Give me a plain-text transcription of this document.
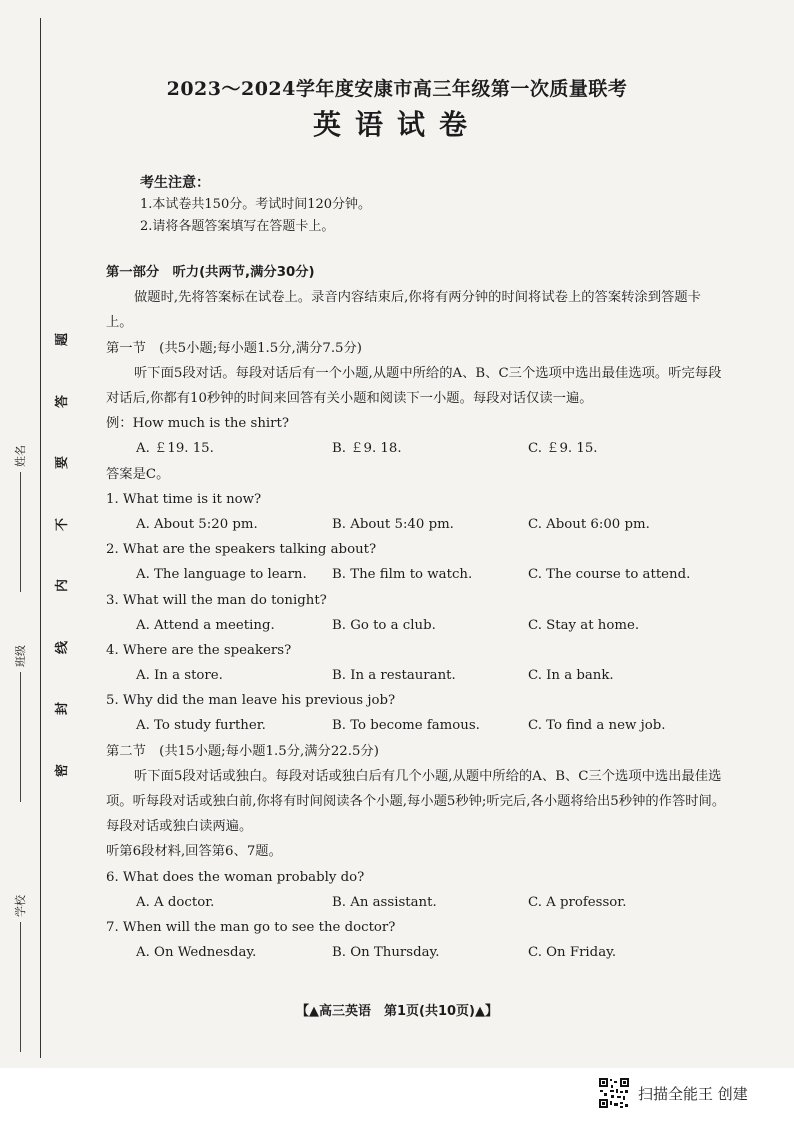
姓名
班级
学校
题
答
要
不
内
线
封
密
2023～2024学年度安康市高三年级第一次质量联考
英语试卷
考生注意：
1.本试卷共150分。考试时间120分钟。
2.请将各题答案填写在答题卡上。
第一部分　听力(共两节,满分30分)
做题时,先将答案标在试卷上。录音内容结束后,你将有两分钟的时间将试卷上的答案转涂到答题卡上。
第一节　(共5小题;每小题1.5分,满分7.5分)
听下面5段对话。每段对话后有一个小题,从题中所给的A、B、C三个选项中选出最佳选项。听完每段对话后,你都有10秒钟的时间来回答有关小题和阅读下一小题。每段对话仅读一遍。
例：How much is the shirt?
A. ￡19. 15.	B. ￡9. 18.	C. ￡9. 15.
答案是C。
1. What time is it now?
A. About 5:20 pm.	B. About 5:40 pm.	C. About 6:00 pm.
2. What are the speakers talking about?
A. The language to learn.	B. The film to watch.	C. The course to attend.
3. What will the man do tonight?
A. Attend a meeting.	B. Go to a club.	C. Stay at home.
4. Where are the speakers?
A. In a store.	B. In a restaurant.	C. In a bank.
5. Why did the man leave his previous job?
A. To study further.	B. To become famous.	C. To find a new job.
第二节　(共15小题;每小题1.5分,满分22.5分)
听下面5段对话或独白。每段对话或独白后有几个小题,从题中所给的A、B、C三个选项中选出最佳选项。听每段对话或独白前,你将有时间阅读各个小题,每小题5秒钟;听完后,各小题将给出5秒钟的作答时间。每段对话或独白读两遍。
听第6段材料,回答第6、7题。
6. What does the woman probably do?
A. A doctor.	B. An assistant.	C. A professor.
7. When will the man go to see the doctor?
A. On Wednesday.	B. On Thursday.	C. On Friday.
【▲高三英语　第1页(共10页)▲】
扫描全能王 创建
